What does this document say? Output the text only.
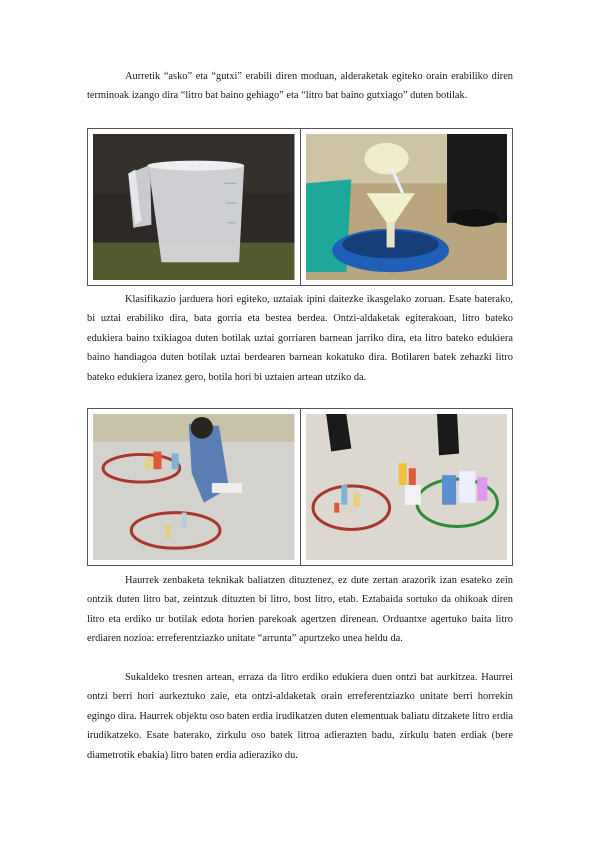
Aurretik “asko” eta “gutxi” erabili diren moduan, alderaketak egiteko orain erabiliko diren terminoak izango dira “litro bat baino gehiago” eta “litro bat baino gutxiago” duten botilak.

Klasifikazio jarduera hori egiteko, uztaiak ipini daitezke ikasgelako zoruan. Esate baterako, bi uztai erabiliko dira, bata gorria eta bestea berdea. Ontzi-aldaketak egiterakoan, litro bateko edukiera baino txikiagoa duten botilak uztai gorriaren barnean jarriko dira, eta litro bateko edukiera baino handiagoa duten botilak uztai berdearen barnean kokatuko dira. Botilaren batek zehazki litro bateko edukiera izanez gero, botila hori bi uztaien artean utziko da.

Haurrek zenbaketa teknikak baliatzen dituztenez, ez dute zertan arazorik izan esateko zein ontzik duten litro bat, zeintzuk dituzten bi litro, bost litro, etab. Eztabaida sortuko da ohikoak diren litro eta erdiko ur botilak edota horien parekoak agertzen direnean. Orduantxe agertuko baita litro erdiaren nozioa: erreferentziazko unitate “arrunta” apurtzeko unea heldu da.

Sukaldeko tresnen artean, erraza da litro erdiko edukiera duen ontzi bat aurkitzea. Haurrei ontzi berri hori aurkeztuko zaie, eta ontzi-aldaketak orain erreferentziazko unitate berri horrekin egingo dira. Haurrek objektu oso baten erdia irudikatzen duten elementuak baliatu ditzakete litro erdia irudikatzeko. Esate baterako, zirkulu oso batek litroa adierazten badu, zirkulu baten erdiak (bere diametrotik ebakia) litro baten erdia adieraziko du.
